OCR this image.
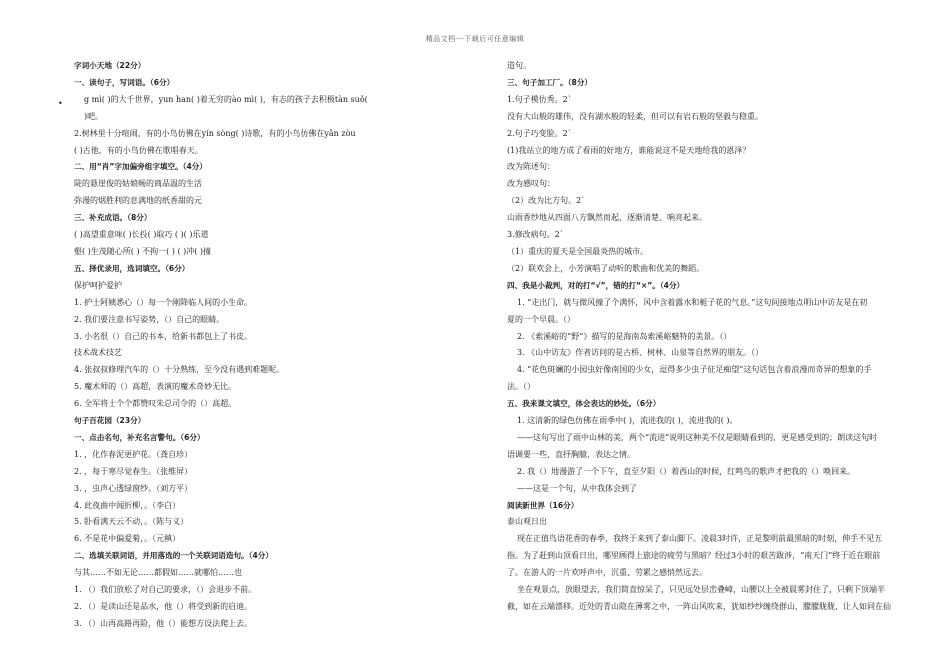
精品文档---下载后可任意编辑
•
字词小天地（22分）
一、读句子，写词语。（6分）
g mì( )的大千世界，yun han( )着无穷的ào mì( )，有志的孩子去积极tàn suǒ(
)吧。
2.树林里十分喧闹，有的小鸟仿佛在yín sòng( )诗歌，有的小鸟仿佛在yǎn zòu
( )古他，有的小鸟仿佛在歌唱春天。
二、用“肖”字加偏旁组字填空。（4分）
陡的悬崖俊的姑娘畅的商品温的生活
弥漫的烟胜利的息满地的纸香甜的元
三、补充成语。（8分）
( )高望重意味( )长投( )取巧 ( )( )乐道
壑( )生茂随心所( ) 不拘一( ) ( )冲( )撞
五、择优录用，选词填空。（6分）
保护呵护爱护
1. 护士阿姨悉心（）每一个刚降临人间的小生命。
2. 我们要注意书写姿势，（）自己的眼睛。
3. 小名很（）自己的书本，给新书都包上了书皮。
技术战术技艺
4. 张叔叔修理汽车的（）十分熟练，至今没有遇到难题呢。
5. 魔术师的（）高超，表演的魔术奇妙无比。
6. 全军将士个个都赞叹朱总司令的（）高超。
句子百花园（23分）
一、点击名句，补充名言警句。（6分）
1. ，化作春泥更护花。（龚自珍）
2. ，每于寒尽觉春生。（张维屏）
3. ，虫声心透绿窗纱。（刘方平）
4. 此夜曲中闻折柳，。（李白）
5. 卧看满天云不动，。（陈与义）
6. 不是花中偏爱菊，。（元稹）
二、选填关联词语，并用落选的一个关联词语造句。（4分）
与其……不如无论……都假如……就哪怕……也
1. （）我们放松了对自己的要求，（）会退步不前。
2. （）是读山还是品水，他（）将受到新的启迪。
3. （）山再高路再险，他（）能想方设法爬上去。
造句。
三、句子加工厂。（8分）
1.句子模仿秀。2`
没有大山般的雄伟，没有湖水般的轻柔，但可以有岩石般的坚毅与稳重。
2.句子巧变脸。2`
(1)我站立的地方成了看雨的好地方，谁能说这不是天地给我的恩泽？
改为陈述句：
改为感叹句：
（2）改为比方句。2`
山雨香纱地从四面八方飘然而起，逐渐清楚、响亮起来。
3.修改病句。2`
（1）重庆的夏天是全国最炎热的城市。
（2）联欢会上，小芳演唱了动听的歌曲和优美的舞蹈。
四、我是小裁判，对的打“√”，错的打“×”。（4分）
1. “走出门，就与微风撞了个满怀，风中含着露水和栀子花的气息。”这句间接地点明山中访友是在初
夏的一个早晨。（）
2. 《索溪峪的“野”》描写的是海南岛索溪峪魅特的美景。（）
3. 《山中访友》作者访问的是古桥、树林、山泉等自然界的朋友。（）
4. “花色斑斓的小园虫好像南国的少女，逗得多少虫子征足痴望”这句话包含着浪漫而奇异的想象的手
法。（）
五、我来课文填空，体会表达的妙处。（6分）
1. 这清新的绿色仿佛在雨季中( )，流进我的( )，流进我的( )。
——这句写出了雨中山林的美，两个“流进”说明这种美不仅是眼睛看到的，更是感受到的；朗读这句时
语调要一些，直抒胸臆，表达之情。
2. 我（）地漫游了一个下午，直至夕阳（）着西山的时候，红鸣鸟的歌声才把我的（）唤回来。
——这是一个句，从中我体会到了
阅读新世界（16分）
泰山观日出
现在正值鸟语花香的春季，我终于来到了泰山脚下。凌晨3时许，正是黎明前最黑暗的时刻，伸手不见五
指。为了赶到山顶看日出，哪里顾得上旅途的疲劳与黑暗？经过3小时的艰苦跋涉，“南天门”终于近在眼前
了。在游人的一片欢呼声中，沉重、劳累之感悄然远去。
坐在观景点，放眼望去，我们简直惊呆了，只见远处层峦叠嶂，山腰以上全被晨雾封住了，只剩下顶端半
截，如在云端漂移。近处的青山隐在薄雾之中，一阵山风吹来，犹如纱纱缠绕群山，朦朦胧胧，让人如同在仙
